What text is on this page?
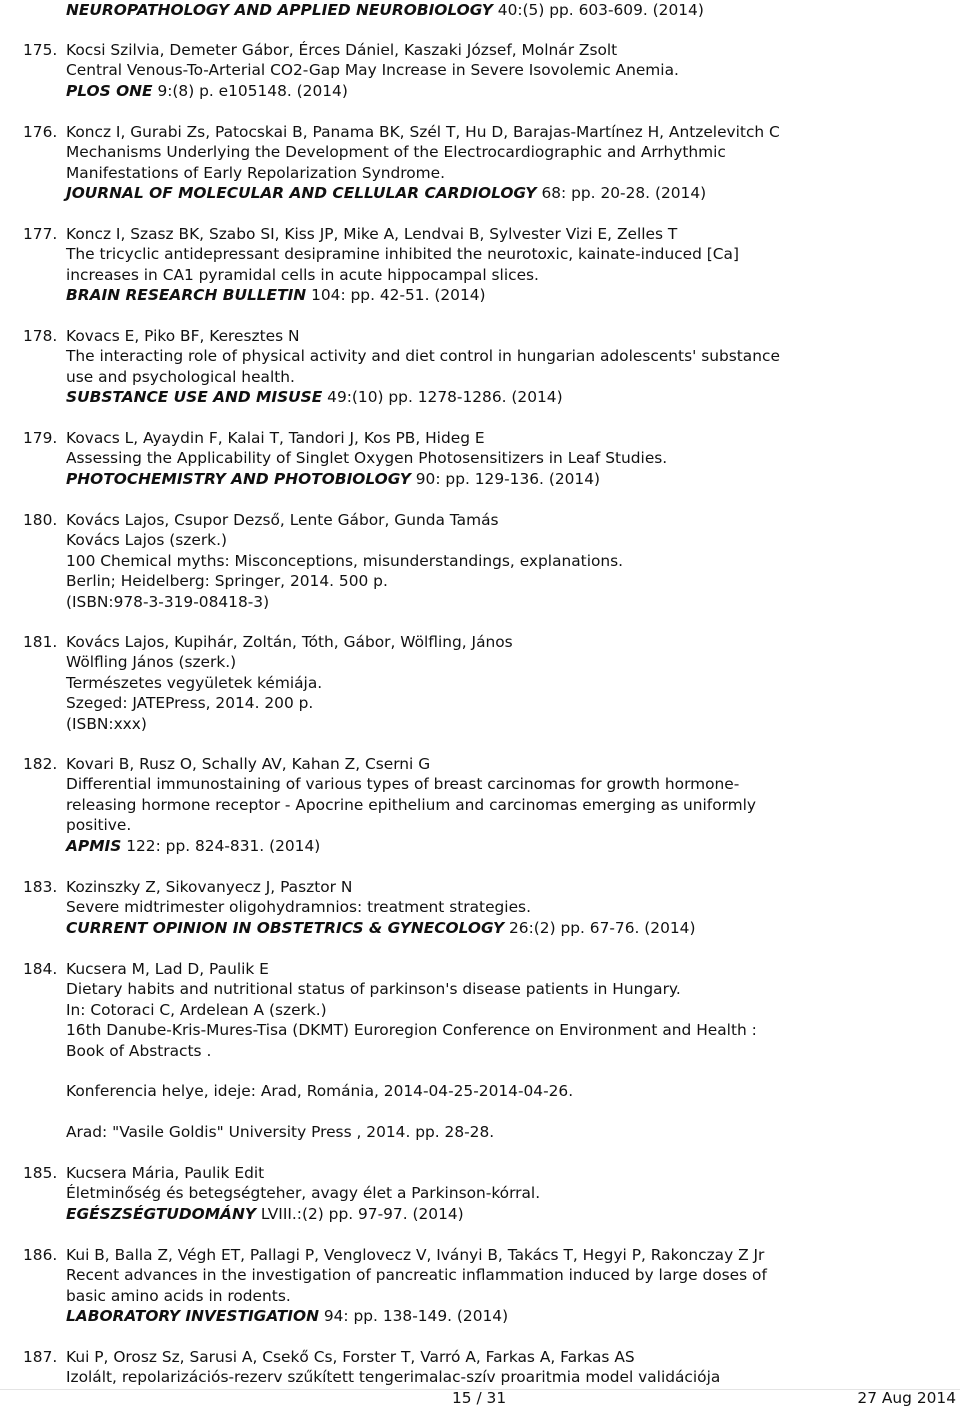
NEUROPATHOLOGY AND APPLIED NEUROBIOLOGY 40:(5) pp. 603-609. (2014)
175. Kocsi Szilvia, Demeter Gábor, Érces Dániel, Kaszaki József, Molnár Zsolt
Central Venous-To-Arterial CO2-Gap May Increase in Severe Isovolemic Anemia.
PLOS ONE 9:(8) p. e105148. (2014)
176. Koncz I, Gurabi Zs, Patocskai B, Panama BK, Szél T, Hu D, Barajas-Martínez H, Antzelevitch C
Mechanisms Underlying the Development of the Electrocardiographic and Arrhythmic
Manifestations of Early Repolarization Syndrome.
JOURNAL OF MOLECULAR AND CELLULAR CARDIOLOGY 68: pp. 20-28. (2014)
177. Koncz I, Szasz BK, Szabo SI, Kiss JP, Mike A, Lendvai B, Sylvester Vizi E, Zelles T
The tricyclic antidepressant desipramine inhibited the neurotoxic, kainate-induced [Ca]
increases in CA1 pyramidal cells in acute hippocampal slices.
BRAIN RESEARCH BULLETIN 104: pp. 42-51. (2014)
178. Kovacs E, Piko BF, Keresztes N
The interacting role of physical activity and diet control in hungarian adolescents' substance
use and psychological health.
SUBSTANCE USE AND MISUSE 49:(10) pp. 1278-1286. (2014)
179. Kovacs L, Ayaydin F, Kalai T, Tandori J, Kos PB, Hideg E
Assessing the Applicability of Singlet Oxygen Photosensitizers in Leaf Studies.
PHOTOCHEMISTRY AND PHOTOBIOLOGY 90: pp. 129-136. (2014)
180. Kovács Lajos, Csupor Dezső, Lente Gábor, Gunda Tamás
Kovács Lajos (szerk.)
100 Chemical myths: Misconceptions, misunderstandings, explanations.
Berlin; Heidelberg: Springer, 2014. 500 p.
(ISBN:978-3-319-08418-3)
181. Kovács Lajos, Kupihár, Zoltán, Tóth, Gábor, Wölfling, János
Wölfling János (szerk.)
Természetes vegyületek kémiája.
Szeged: JATEPress, 2014. 200 p.
(ISBN:xxx)
182. Kovari B, Rusz O, Schally AV, Kahan Z, Cserni G
Differential immunostaining of various types of breast carcinomas for growth hormone-
releasing hormone receptor - Apocrine epithelium and carcinomas emerging as uniformly
positive.
APMIS 122: pp. 824-831. (2014)
183. Kozinszky Z, Sikovanyecz J, Pasztor N
Severe midtrimester oligohydramnios: treatment strategies.
CURRENT OPINION IN OBSTETRICS & GYNECOLOGY 26:(2) pp. 67-76. (2014)
184. Kucsera M, Lad D, Paulik E
Dietary habits and nutritional status of parkinson's disease patients in Hungary.
In: Cotoraci C, Ardelean A (szerk.)
16th Danube-Kris-Mures-Tisa (DKMT) Euroregion Conference on Environment and Health :
Book of Abstracts .
Konferencia helye, ideje: Arad, Románia, 2014-04-25-2014-04-26.
Arad: "Vasile Goldis" University Press , 2014. pp. 28-28.
185. Kucsera Mária, Paulik Edit
Életminőség és betegségteher, avagy élet a Parkinson-kórral.
EGÉSZSÉGTUDOMÁNY LVIII.:(2) pp. 97-97. (2014)
186. Kui B, Balla Z, Végh ET, Pallagi P, Venglovecz V, Iványi B, Takács T, Hegyi P, Rakonczay Z Jr
Recent advances in the investigation of pancreatic inflammation induced by large doses of
basic amino acids in rodents.
LABORATORY INVESTIGATION 94: pp. 138-149. (2014)
187. Kui P, Orosz Sz, Sarusi A, Csekő Cs, Forster T, Varró A, Farkas A, Farkas AS
Izolált, repolarizációs-rezerv szűkített tengerimalac-szív proaritmia model validációja
15 / 31	27 Aug 2014
